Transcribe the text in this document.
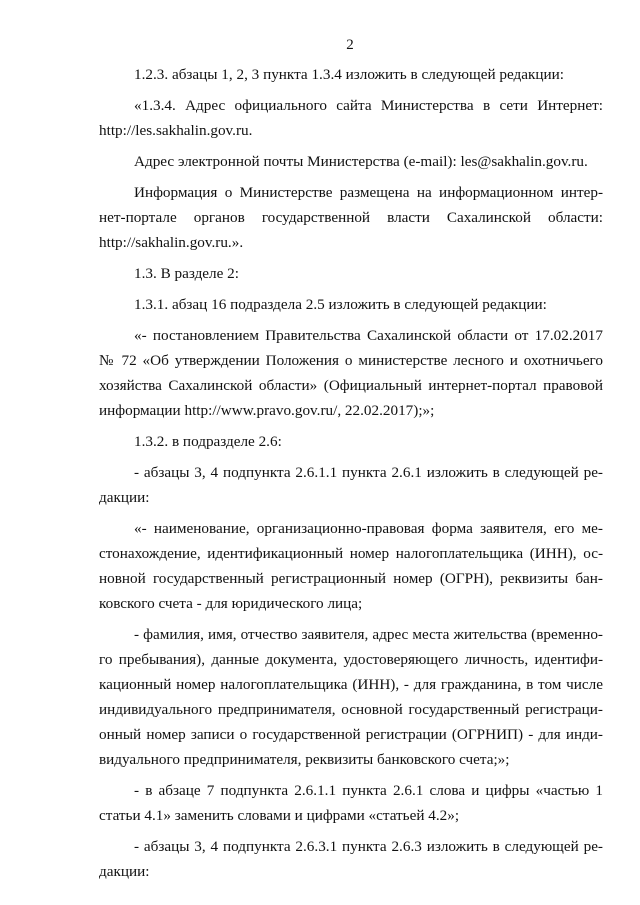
2

1.2.3. абзацы 1, 2, 3 пункта 1.3.4 изложить в следующей редакции:

«1.3.4. Адрес официального сайта Министерства в сети Интернет:
http://les.sakhalin.gov.ru.

Адрес электронной почты Министерства (e-mail): les@sakhalin.gov.ru.

Информация о Министерстве размещена на информационном интер-
нет-портале органов государственной власти Сахалинской области:
http://sakhalin.gov.ru.».

1.3. В разделе 2:

1.3.1. абзац 16 подраздела 2.5 изложить в следующей редакции:

«- постановлением Правительства Сахалинской области от 17.02.2017
№ 72 «Об утверждении Положения о министерстве лесного и охотничьего
хозяйства Сахалинской области» (Официальный интернет-портал правовой
информации http://www.pravo.gov.ru/, 22.02.2017);»;

1.3.2. в подразделе 2.6:

- абзацы 3, 4 подпункта 2.6.1.1 пункта 2.6.1 изложить в следующей ре-
дакции:

«- наименование, организационно-правовая форма заявителя, его ме-
стонахождение, идентификационный номер налогоплательщика (ИНН), ос-
новной государственный регистрационный номер (ОГРН), реквизиты бан-
ковского счета - для юридического лица;

- фамилия, имя, отчество заявителя, адрес места жительства (временно-
го пребывания), данные документа, удостоверяющего личность, идентифи-
кационный номер налогоплательщика (ИНН), - для гражданина, в том числе
индивидуального предпринимателя, основной государственный регистраци-
онный номер записи о государственной регистрации (ОГРНИП) - для инди-
видуального предпринимателя, реквизиты банковского счета;»;

- в абзаце 7 подпункта 2.6.1.1 пункта 2.6.1 слова и цифры «частью 1
статьи 4.1» заменить словами и цифрами «статьей 4.2»;

- абзацы 3, 4 подпункта 2.6.3.1 пункта 2.6.3 изложить в следующей ре-
дакции:
